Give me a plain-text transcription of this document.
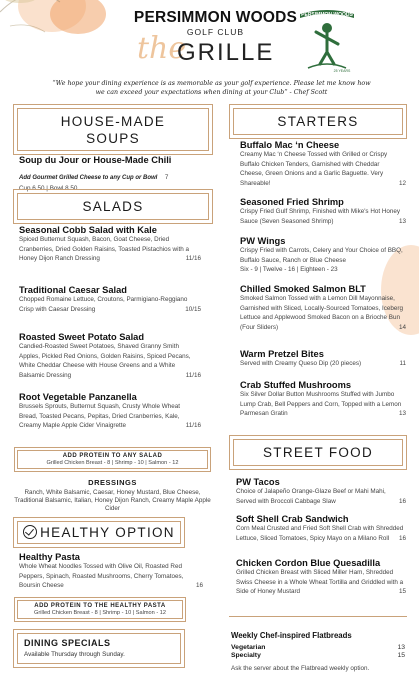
PERSIMMON WOODS
GOLF CLUB
the
GRILLE
PERSIMMON WOODS
25 YEARS
“We hope your dining experience is as memorable as your golf experience. Please let me know how
we can exceed your expectations when dining at your Club” - Chef Scott
HOUSE-MADE
SOUPS
Soup du Jour or House-Made Chili
Add Gourmet Grilled Cheese to any Cup or Bowl 7
Cup 6.50 | Bowl 8.50
SALADS
Seasonal Cobb Salad with Kale
11/16
Spiced Butternut Squash, Bacon, Goat Cheese, Dried Cranberries, Dried Golden Raisins, Toasted Pistachios with a Honey Dijon Ranch Dressing
Traditional Caesar Salad
10/15
Chopped Romaine Lettuce, Croutons, Parmigiano-Reggiano Crisp with Caesar Dressing
Roasted Sweet Potato Salad
11/16
Candied-Roasted Sweet Potatoes, Shaved Granny Smith Apples, Pickled Red Onions, Golden Raisins, Spiced Pecans, White Cheddar Cheese with House Greens and a White Balsamic Dressing
Root Vegetable Panzanella
11/16
Brussels Sprouts, Butternut Squash, Crusty Whole Wheat Bread, Toasted Pecans, Pepitas, Dried Cranberries, Kale, Creamy Maple Apple Cider Vinaigrette
ADD PROTEIN TO ANY SALAD
Grilled Chicken Breast - 8 | Shrimp - 10 | Salmon - 12
DRESSINGS
Ranch, White Balsamic, Caesar, Honey Mustard, Blue Cheese, Traditional Balsamic, Italian, Honey Dijon Ranch, Creamy Maple Apple Cider
HEALTHY OPTION
Healthy Pasta
16
Whole Wheat Noodles Tossed with Olive Oil, Roasted Red Peppers, Spinach, Roasted Mushrooms, Cherry Tomatoes, Boursin Cheese
ADD PROTEIN TO THE HEALTHY PASTA
Grilled Chicken Breast - 8 | Shrimp - 10 | Salmon - 12
DINING SPECIALS
Available Thursday through Sunday.
STARTERS
Buffalo Mac ‘n Cheese
12
Creamy Mac ‘n Cheese Tossed with Grilled or Crispy Buffalo Chicken Tenders, Garnished with Cheddar Cheese, Green Onions and a Garlic Baguette. Very Shareable!
Seasoned Fried Shrimp
13
Crispy Fried Gulf Shrimp, Finished with Mike's Hot Honey Sauce (Seven Seasoned Shrimp)
PW Wings
Crispy Fried with Carrots, Celery and Your Choice of BBQ, Buffalo Sauce, Ranch or Blue Cheese
Six - 9 | Twelve - 16 | Eighteen - 23
Chilled Smoked Salmon BLT
14
Smoked Salmon Tossed with a Lemon Dill Mayonnaise, Garnished with Sliced, Locally-Sourced Tomatoes, Iceberg Lettuce and Applewood Smoked Bacon on a Brioche Bun (Four Sliders)
Warm Pretzel Bites
11
Served with Creamy Queso Dip (20 pieces)
Crab Stuffed Mushrooms
13
Six Silver Dollar Button Mushrooms Stuffed with Jumbo Lump Crab, Bell Peppers and Corn, Topped with a Lemon Parmesan Gratin
STREET FOOD
PW Tacos
16
Choice of Jalapeño Orange-Glaze Beef or Mahi Mahi, Served with Broccoli Cabbage Slaw
Soft Shell Crab Sandwich
16
Corn Meal Crusted and Fried Soft Shell Crab with Shredded Lettuce, Sliced Tomatoes, Spicy Mayo on a Milano Roll
Chicken Cordon Blue Quesadilla
15
Grilled Chicken Breast with Sliced Miller Ham, Shredded Swiss Cheese in a Whole Wheat Tortilla and Griddled with a Side of Honey Mustard
Weekly Chef-inspired Flatbreads
Vegetarian	13
Specialty	15
Ask the server about the Flatbread weekly option.
